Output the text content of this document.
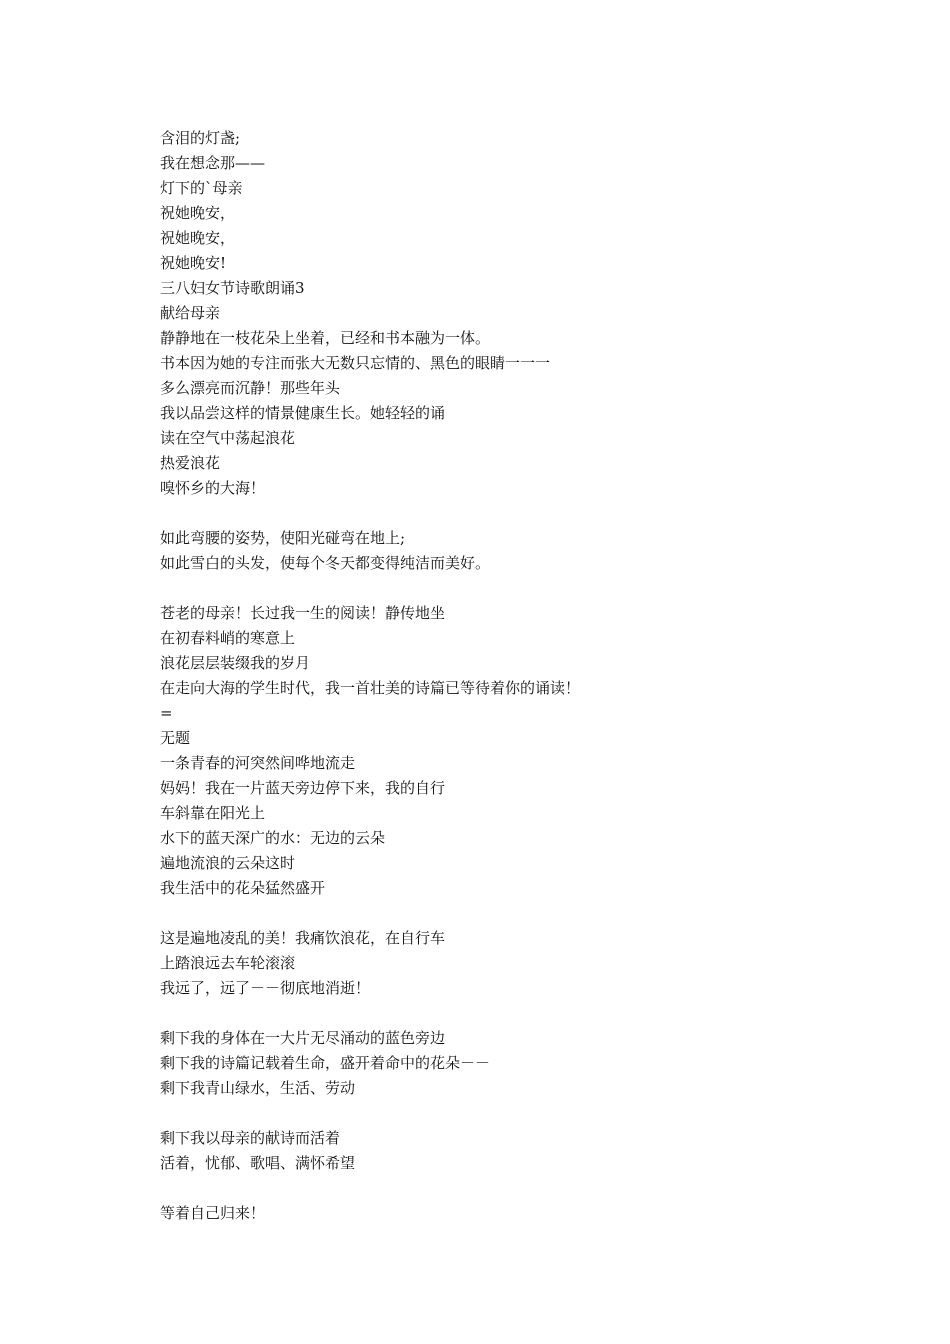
含泪的灯盏;
我在想念那——
灯下的`母亲
祝她晚安，
祝她晚安，
祝她晚安!
三八妇女节诗歌朗诵3
献给母亲
静静地在一枝花朵上坐着，已经和书本融为一体。
书本因为她的专注而张大无数只忘情的、黑色的眼睛一一一
多么漂亮而沉静！那些年头
我以品尝这样的情景健康生长。她轻轻的诵
读在空气中荡起浪花
热爱浪花
嗅怀乡的大海！
如此弯腰的姿势，使阳光碰弯在地上;
如此雪白的头发，使每个冬天都变得纯洁而美好。
苍老的母亲！长过我一生的阅读！静传地坐
在初春料峭的寒意上
浪花层层装缀我的岁月
在走向大海的学生时代，我一首壮美的诗篇已等待着你的诵读！
=
无题
一条青春的河突然间哗地流走
妈妈！我在一片蓝天旁边停下来，我的自行
车斜靠在阳光上
水下的蓝天深广的水：无边的云朵
遍地流浪的云朵这时
我生活中的花朵猛然盛开
这是遍地凌乱的美！我痛饮浪花，在自行车
上踏浪远去车轮滚滚
我远了，远了－－彻底地消逝！
剩下我的身体在一大片无尽涌动的蓝色旁边
剩下我的诗篇记载着生命，盛开着命中的花朵－－
剩下我青山绿水，生活、劳动
剩下我以母亲的献诗而活着
活着，忧郁、歌唱、满怀希望
等着自己归来！
